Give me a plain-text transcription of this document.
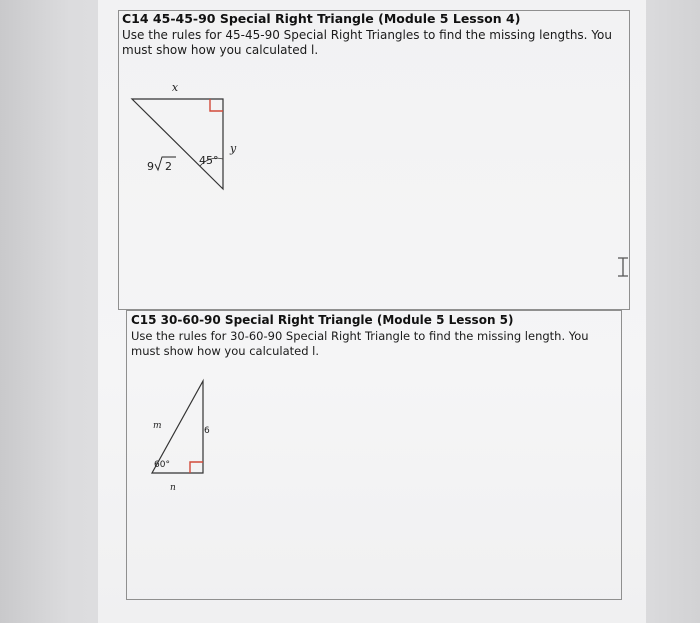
C14 45-45-90 Special Right Triangle (Module 5 Lesson 4)
Use the rules for 45-45-90 Special Right Triangles to find the missing lengths. You must show how you calculated l.
x
y
9 2 45°
C15 30-60-90 Special Right Triangle (Module 5 Lesson 5)
Use the rules for 30-60-90 Special Right Triangle to find the missing length. You must show how you calculated l.
m	6
n
60°
